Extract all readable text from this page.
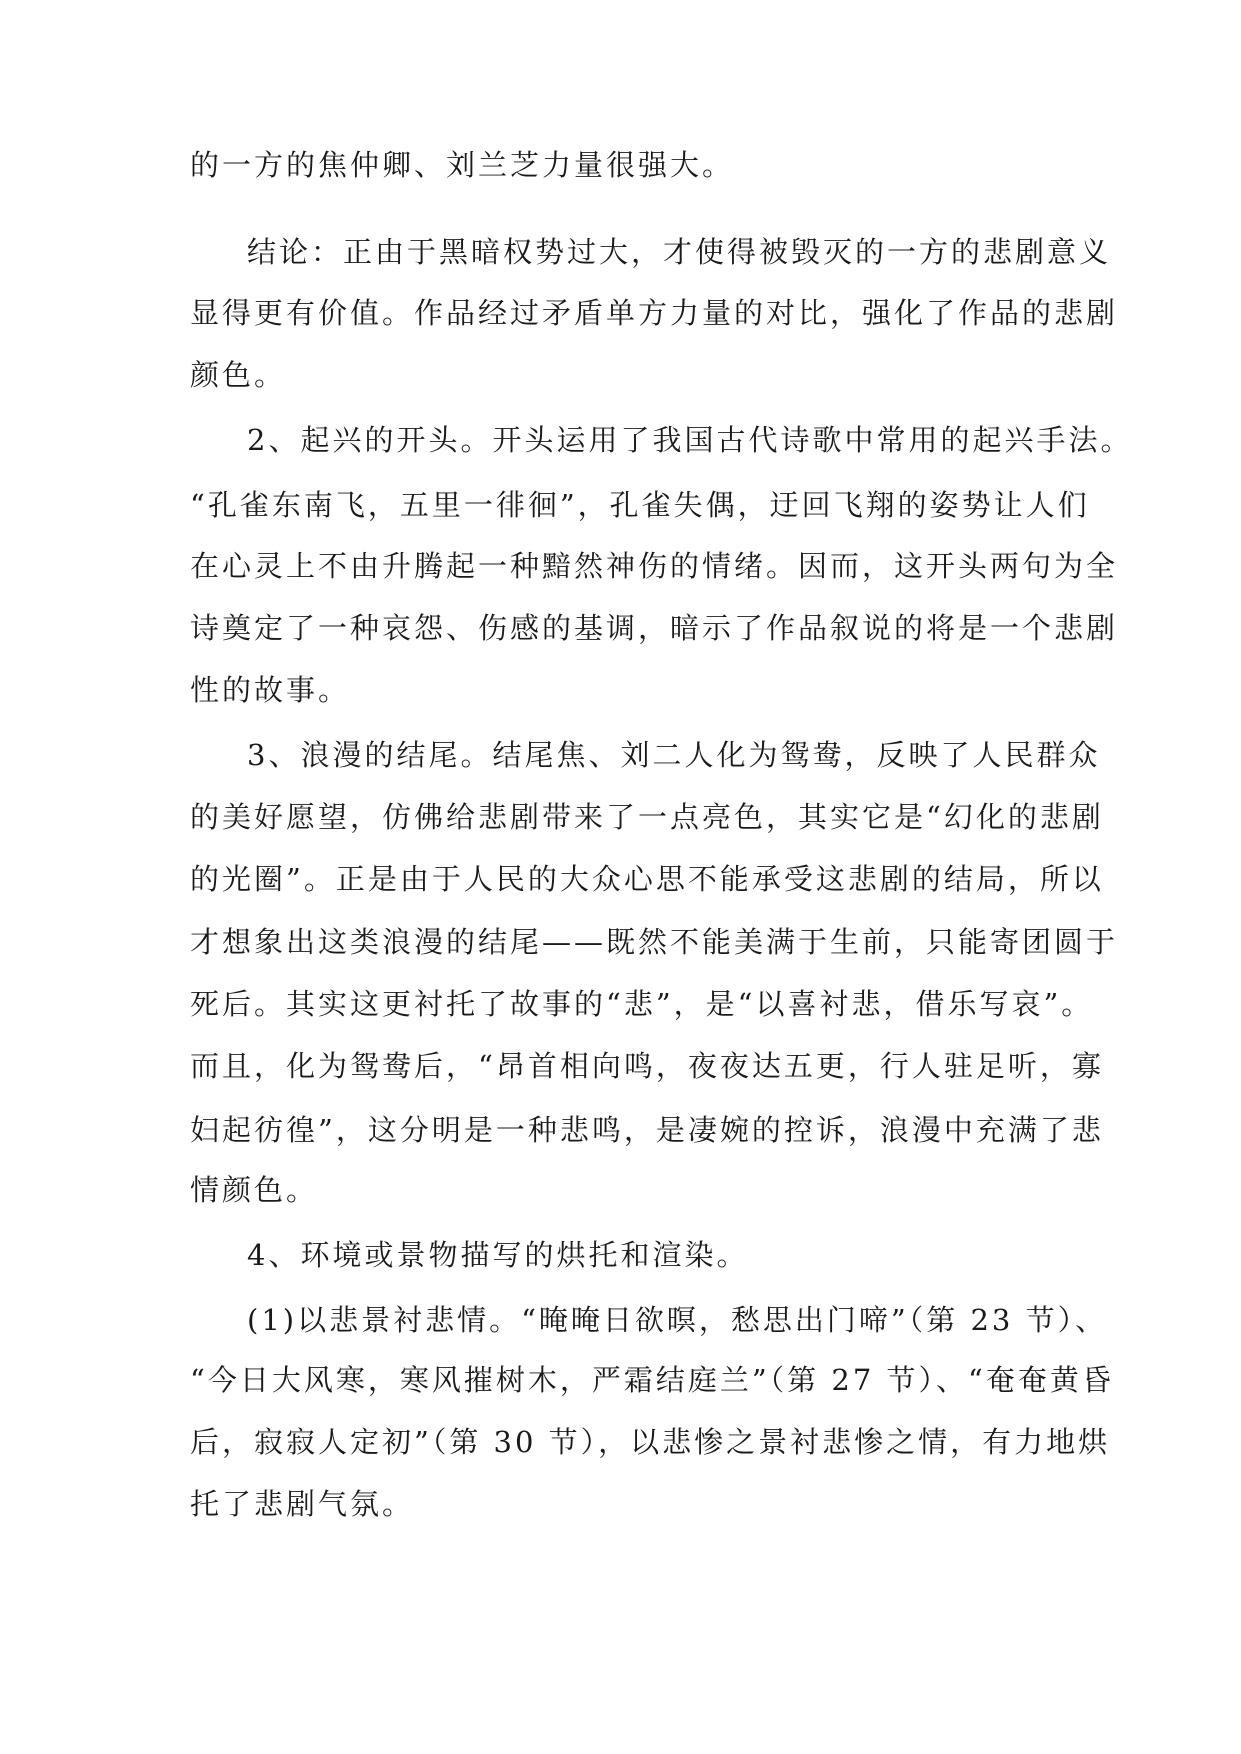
的一方的焦仲卿、刘兰芝力量很强大。
结论：正由于黑暗权势过大，才使得被毁灭的一方的悲剧意义
显得更有价值。作品经过矛盾单方力量的对比，强化了作品的悲剧
颜色。
2、起兴的开头。开头运用了我国古代诗歌中常用的起兴手法。
“孔雀东南飞，五里一徘徊”，孔雀失偶，迂回飞翔的姿势让人们
在心灵上不由升腾起一种黯然神伤的情绪。因而，这开头两句为全
诗奠定了一种哀怨、伤感的基调，暗示了作品叙说的将是一个悲剧
性的故事。
3、浪漫的结尾。结尾焦、刘二人化为鸳鸯，反映了人民群众
的美好愿望，仿佛给悲剧带来了一点亮色，其实它是“幻化的悲剧
的光圈”。正是由于人民的大众心思不能承受这悲剧的结局，所以
才想象出这类浪漫的结尾——既然不能美满于生前，只能寄团圆于
死后。其实这更衬托了故事的“悲”，是“以喜衬悲，借乐写哀”。
而且，化为鸳鸯后，“昂首相向鸣，夜夜达五更，行人驻足听，寡
妇起彷徨”，这分明是一种悲鸣，是凄婉的控诉，浪漫中充满了悲
情颜色。
4、环境或景物描写的烘托和渲染。
(1)以悲景衬悲情。“晻晻日欲暝，愁思出门啼”（第 23 节）、
“今日大风寒，寒风摧树木，严霜结庭兰”（第 27 节）、“奄奄黄昏
后，寂寂人定初”（第 30 节），以悲惨之景衬悲惨之情，有力地烘
托了悲剧气氛。
